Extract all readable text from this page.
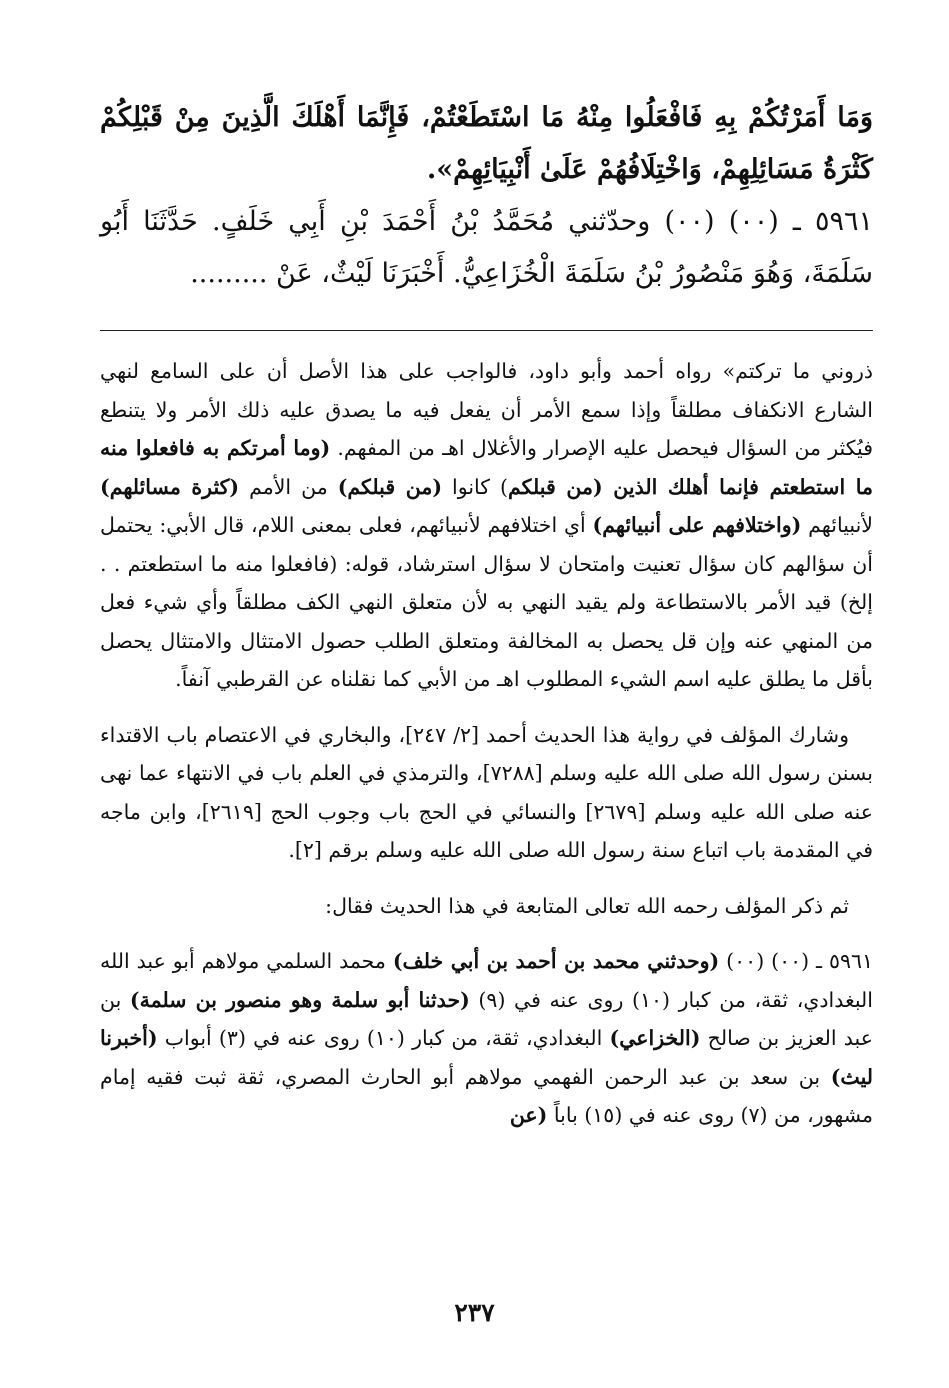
وَمَا أَمَرْتُكُمْ بِهِ فَافْعَلُوا مِنْهُ مَا اسْتَطَعْتُمْ، فَإِنَّمَا أَهْلَكَ الَّذِينَ مِنْ قَبْلِكُمْ كَثْرَةُ مَسَائِلِهِمْ، وَاخْتِلَافُهُمْ عَلَىٰ أَنْبِيَائِهِمْ».

٥٩٦١ ـ (٠٠) (٠٠) وحدّثني مُحَمَّدُ بْنُ أَحْمَدَ بْنِ أَبِي خَلَفٍ. حَدَّثَنَا أَبُو سَلَمَةَ، وَهُوَ مَنْصُورُ بْنُ سَلَمَةَ الْخُزَاعِيُّ. أَخْبَرَنَا لَيْثٌ، عَنْ .........

ذروني ما تركتم» رواه أحمد وأبو داود، فالواجب على هذا الأصل أن على السامع لنهي الشارع الانكفاف مطلقاً وإذا سمع الأمر أن يفعل فيه ما يصدق عليه ذلك الأمر ولا يتنطع فيُكثر من السؤال فيحصل عليه الإصرار والأغلال اهـ من المفهم. (وما أمرتكم به فافعلوا منه ما استطعتم فإنما أهلك الذين (من قبلكم) كانوا (من قبلكم) من الأمم (كثرة مسائلهم) لأنبيائهم (واختلافهم على أنبيائهم) أي اختلافهم لأنبيائهم، فعلى بمعنى اللام، قال الأبي: يحتمل أن سؤالهم كان سؤال تعنيت وامتحان لا سؤال استرشاد، قوله: (فافعلوا منه ما استطعتم . . إلخ) قيد الأمر بالاستطاعة ولم يقيد النهي به لأن متعلق النهي الكف مطلقاً وأي شيء فعل من المنهي عنه وإن قل يحصل به المخالفة ومتعلق الطلب حصول الامتثال والامتثال يحصل بأقل ما يطلق عليه اسم الشيء المطلوب اهـ من الأبي كما نقلناه عن القرطبي آنفاً.

وشارك المؤلف في رواية هذا الحديث أحمد [٢/ ٢٤٧]، والبخاري في الاعتصام باب الاقتداء بسنن رسول الله صلى الله عليه وسلم [٧٢٨٨]، والترمذي في العلم باب في الانتهاء عما نهى عنه صلى الله عليه وسلم [٢٦٧٩] والنسائي في الحج باب وجوب الحج [٢٦١٩]، وابن ماجه في المقدمة باب اتباع سنة رسول الله صلى الله عليه وسلم برقم [٢].

ثم ذكر المؤلف رحمه الله تعالى المتابعة في هذا الحديث فقال:

٥٩٦١ ـ (٠٠) (٠٠) (وحدثني محمد بن أحمد بن أبي خلف) محمد السلمي مولاهم أبو عبد الله البغدادي، ثقة، من كبار (١٠) روى عنه في (٩) (حدثنا أبو سلمة وهو منصور بن سلمة) بن عبد العزيز بن صالح (الخزاعي) البغدادي، ثقة، من كبار (١٠) روى عنه في (٣) أبواب (أخبرنا ليث) بن سعد بن عبد الرحمن الفهمي مولاهم أبو الحارث المصري، ثقة ثبت فقيه إمام مشهور، من (٧) روى عنه في (١٥) باباً (عن

٢٣٧
